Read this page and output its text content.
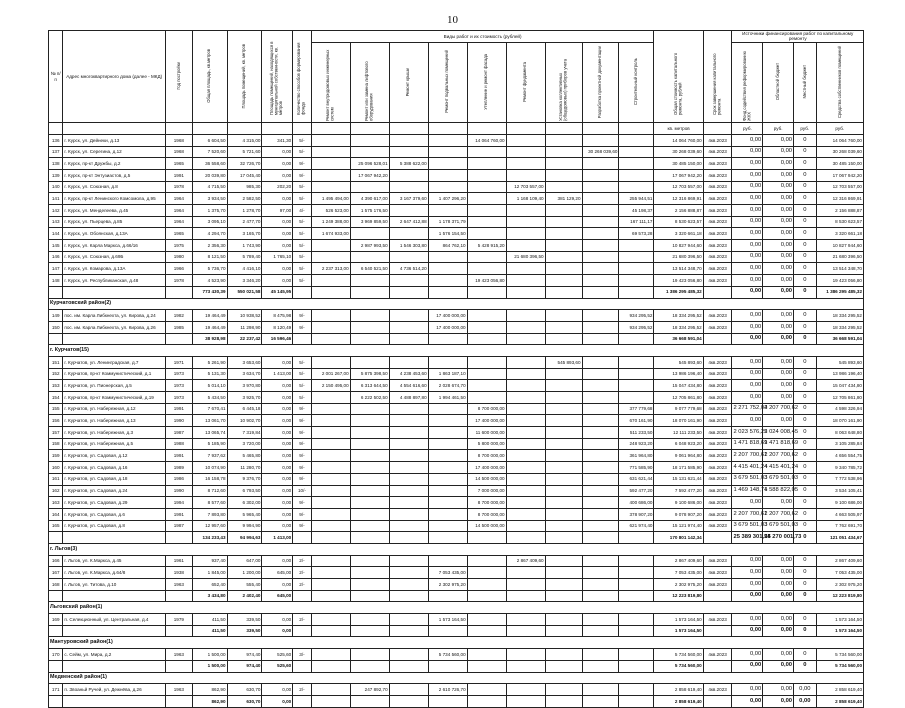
10
№ п/п	Адрес многоквартирного дома (далее - МКД)	Год постройки	Общая площадь, кв.метров	Площадь помещений, кв. метров	Площадь помещений, находящихся в муниципальной собственности, кв. метров	Количество способов формирования фонда	Виды работ и их стоимость (рублей)									Общая стоимость капитального ремонта, рублей	Срок завершения капитального ремонта	Источники финансирования работ по капитальному ремонту			
							Ремонт внутридомовых инженерных систем	Ремонт или замена лифтового оборудования	Ремонт крыши	Ремонт подвальных помещений	Утепление и ремонт фасада	Ремонт фундамента	Установка коллективных (общедомовых) приборов учета	Разработка проектной документации	Строительный контроль			Фонд содействия реформированию ЖКХ	Областной бюджет	Местный бюджет	Средства собственников помещений

																кв. метров		руб.	руб.	руб.	руб.
136	г. Курск, ул. Дейнеки, д.13	1968	6 604,50	4 315,00	341,30	5/-					14 064 760,00					14 064 760,00	4кв.2023	0,00	0,00	0	14 064 760,00
137	г. Курск, ул. Серегина, д.12	1968	7 520,60	5 721,60	0,00	5/-								30 268 039,60		30 268 039,60	4кв.2023	0,00	0,00	0	30 268 039,60
138	г. Курск, пр-кт Дружбы, д.2	1965	36 558,60	32 726,70	0,00	9/-		25 096 528,01	5 388 622,00							30 485 150,00	4кв.2023	0,00	0,00	0	30 485 150,00
139	г. Курск, пр-кт Энтузиастов, д.5	1991	20 039,80	17 045,40	0,00	9/-		17 067 942,20								17 067 942,20	4кв.2023	0,00	0,00	0	17 067 942,20
140	г. Курск, ул. Союзная, д.8	1978	4 715,50	985,30	202,20	5/-						12 703 557,00				12 703 557,00	4кв.2023	0,00	0,00	0	12 703 557,00
141	г. Курск, пр-кт Ленинского Комсомола, д.95	1964	3 934,50	2 582,50	0,00	5/-	1 495 494,00	4 390 617,00	3 167 379,60	1 407 296,20		1 168 109,40	381 129,20		255 944,51	12 316 869,91	4кв.2023	0,00	0,00	0	12 316 869,91
142	г. Курск, ул. Менделеева, д.45	1964	1 375,70	1 278,70	97,00	4/-	526 523,00	1 575 176,50							45 198,37	2 156 888,87	4кв.2023	0,00	0,00	0	2 156 888,87
143	г. Курск, ул. Пьерцева, д.85	1964	3 095,10	2 477,70	0,00	5/-	1 249 388,00	3 969 859,50	2 647 412,88	1 178 371,79					167 111,17	8 530 623,57	4кв.2023	0,00	0,00	0	8 530 623,57
144	г. Курск, ул. Обоянская, д.13А	1965	4 294,70	3 165,70	0,00	5/-	1 674 933,00			1 576 154,50					69 573,28	3 320 661,18	4кв.2023	0,00	0,00	0	3 320 661,18
145	г. Курск, ул. Карла Маркса, д.66/16	1975	2 356,30	1 743,90	0,00	5/-		2 987 993,50	1 546 303,80	864 762,10	5 428 915,20					10 827 944,60	4кв.2023	0,00	0,00	0	10 827 944,60
146	г. Курск, ул. Союзная, д.69Б	1980	8 121,50	5 789,40	1 765,10	5/-						21 680 396,50				21 680 396,50	4кв.2023	0,00	0,00	0	21 680 396,50
147	г. Курск, ул. Комарова, д.13А	1966	5 736,70	4 416,10	0,00	5/-	2 237 313,00	6 540 521,50	4 736 514,20							13 514 348,70	4кв.2023	0,00	0,00	0	13 514 348,70
148	г. Курск, ул. Республиканская, д.48	1978	4 523,90	3 346,20	0,00	5/-					19 423 056,80					19 423 056,80	4кв.2023	0,00	0,00	0	19 423 056,80
			773 430,39	550 021,58	45 145,95											1 386 295 485,32		0,00	0,00	0	1 386 295 485,32
Курчатовский район(2)																					
149	пос. им. Карла Либкнехта, ул. Кирова, д.24	1982	19 464,49	10 938,52	8 475,98	9/-				17 400 000,00					934 295,52	18 334 295,52	4кв.2023	0,00	0,00	0	18 334 295,52
150	пос. им. Карла Либкнехта, ул. Кирова, д.26	1985	19 464,49	11 298,90	8 120,49	9/-				17 400 000,00					934 295,52	18 334 295,52	4кв.2023	0,00	0,00	0	18 334 295,52
			38 928,98	22 237,42	16 596,46											36 668 591,04		0,00	0,00	0	36 668 591,04
г. Курчатов(15)																					
151	г. Курчатов, ул. Ленинградская, д.7	1971	5 261,90	3 653,60	0,00	5/-							545 893,60			545 893,60	4кв.2023	0,00	0,00	0	545 893,60
152	г. Курчатов, пр-кт Коммунистический, д.1	1973	5 131,30	3 634,70	1 413,00	5/-	2 001 267,00	5 875 398,50	4 238 453,60	1 863 187,10						13 986 196,40	4кв.2023	0,00	0,00	0	13 986 196,40
153	г. Курчатов, ул. Пионерская, д.5	1973	5 014,10	3 970,80	0,00	5/-	2 150 495,00	6 313 644,50	4 554 616,60	2 028 674,70						15 047 434,80	4кв.2023	0,00	0,00	0	15 047 434,80
154	г. Курчатов, пр-кт Коммунистический, д.19	1973	5 434,50	3 925,70	0,00	5/-		6 222 502,50	4 488 897,80	1 994 461,50						12 705 861,80	4кв.2023	0,00	0,00	0	12 705 861,80
155	г. Курчатов, ул. Набережная, д.12	1991	7 670,41	6 445,18	0,00	9/-					8 700 000,00				377 779,68	9 077 779,68	4кв.2023	2 271 752,04	2 207 700,62	0	4 598 326,94
156	г. Курчатов, ул. Набережная, д.13	1990	13 061,70	10 902,70	0,00	9/-					17 400 000,00				670 161,90	18 070 161,90	4кв.2023	0,00	0,00	0	18 070 161,90
157	г. Курчатов, ул. Набережная, д.3	1987	13 065,74	7 319,84	0,00	9/-					11 600 000,00				511 233,50	12 111 233,50	4кв.2023	2 023 576,25	2 024 008,45	0	8 063 648,80
158	г. Курчатов, ул. Набережная, д.5	1988	5 185,90	3 720,00	0,00	9/-					5 800 000,00				248 923,20	6 048 923,20	4кв.2023	1 471 818,69	1 471 818,69	0	3 105 285,84
159	г. Курчатов, ул. Садовая, д.12	1991	7 937,62	5 465,80	0,00	9/-					8 700 000,00				361 964,80	9 061 964,80	4кв.2023	2 207 700,61	2 207 700,62	0	4 656 554,75
160	г. Курчатов, ул. Садовая, д.16	1989	10 074,90	11 280,70	0,00	9/-					17 400 000,00				771 585,90	18 171 585,90	4кв.2023	4 415 401,24	4 415 401,24	0	9 340 785,72
161	г. Курчатов, ул. Садовая, д.18	1986	16 158,78	9 376,70	0,00	9/-					14 500 000,00				631 621,44	15 131 621,44	4кв.2023	3 679 501,03	3 679 501,03	0	7 772 538,96
162	г. Курчатов, ул. Садовая, д.24	1990	8 712,60	6 793,50	0,00	10/-					7 000 000,00				592 477,20	7 592 477,20	4кв.2023	1 469 148,74	1 588 822,05	0	3 534 105,41
163	г. Курчатов, ул. Садовая, д.29	1994	8 577,60	6 302,00	0,00	9/-					8 700 000,00				400 686,00	9 100 686,00	4кв.2023	0,00	0,00	0	9 100 686,00
164	г. Курчатов, ул. Садовая, д.6	1991	7 893,80	5 965,40	0,00	9/-					8 700 000,00				378 907,20	9 078 907,20	4кв.2023	2 207 700,61	2 207 700,62	0	4 663 505,97
165	г. Курчатов, ул. Садовая, д.8	1987	12 957,60	9 994,90	0,00	9/-					14 500 000,00				621 974,40	15 121 974,40	4кв.2023	3 679 501,03	3 679 501,03	0	7 762 691,70
			134 233,43	94 994,63	1 413,00											170 801 142,34		25 389 301,54	25 270 001,73	0	121 051 434,67
г. Льгов(3)																					
166	г. Льгов, ул. К.Маркса, д.45	1961	937,40	647,00	0,00	2/-						2 867 409,60				2 867 409,60	4кв.2023	0,00	0,00	0	2 867 409,60
167	г. Льгов, ул. К.Маркса, д.64/8	1938	1 845,00	1 200,00	645,00	2/-				7 053 435,00						7 053 435,00	4кв.2023	0,00	0,00	0	7 053 435,00
168	г. Льгов, ул. Титова, д.10	1963	652,40	555,40	0,00	2/-				2 302 975,20						2 302 975,20	4кв.2023	0,00	0,00	0	2 302 975,20
			3 434,80	2 402,40	645,00											12 223 819,80		0,00	0,00	0	12 223 819,80
Льговский район(1)																					
169	п. Селекционный, ул. Центральная, д.4	1979	411,50	339,50	0,00	2/-				1 573 164,50						1 573 164,50	4кв.2023	0,00	0,00	0	1 573 164,50
			411,50	339,50	0,00											1 573 164,50		0,00	0,00	0	1 573 164,50
Мантуровский район(1)																					
170	с. Сейм, ул. Мира, д.2	1963	1 500,00	974,40	525,60	3/-				5 734 560,00						5 734 560,00	4кв.2023	0,00	0,00	0	5 734 560,00
			1 500,00	974,40	525,60											5 734 560,00		0,00	0,00	0	5 734 560,00
Медвенский район(1)																					
171	п. Звоаньй Ручей, ул. Дежнёва, д.26	1963	862,90	630,70	0,00	2/-		247 892,70		2 610 726,70						2 858 619,40	4кв.2023	0,00	0,00	0,00	2 858 619,40
			862,90	630,70	0,00											2 858 619,40		0,00	0,00	0,00	2 858 619,40
